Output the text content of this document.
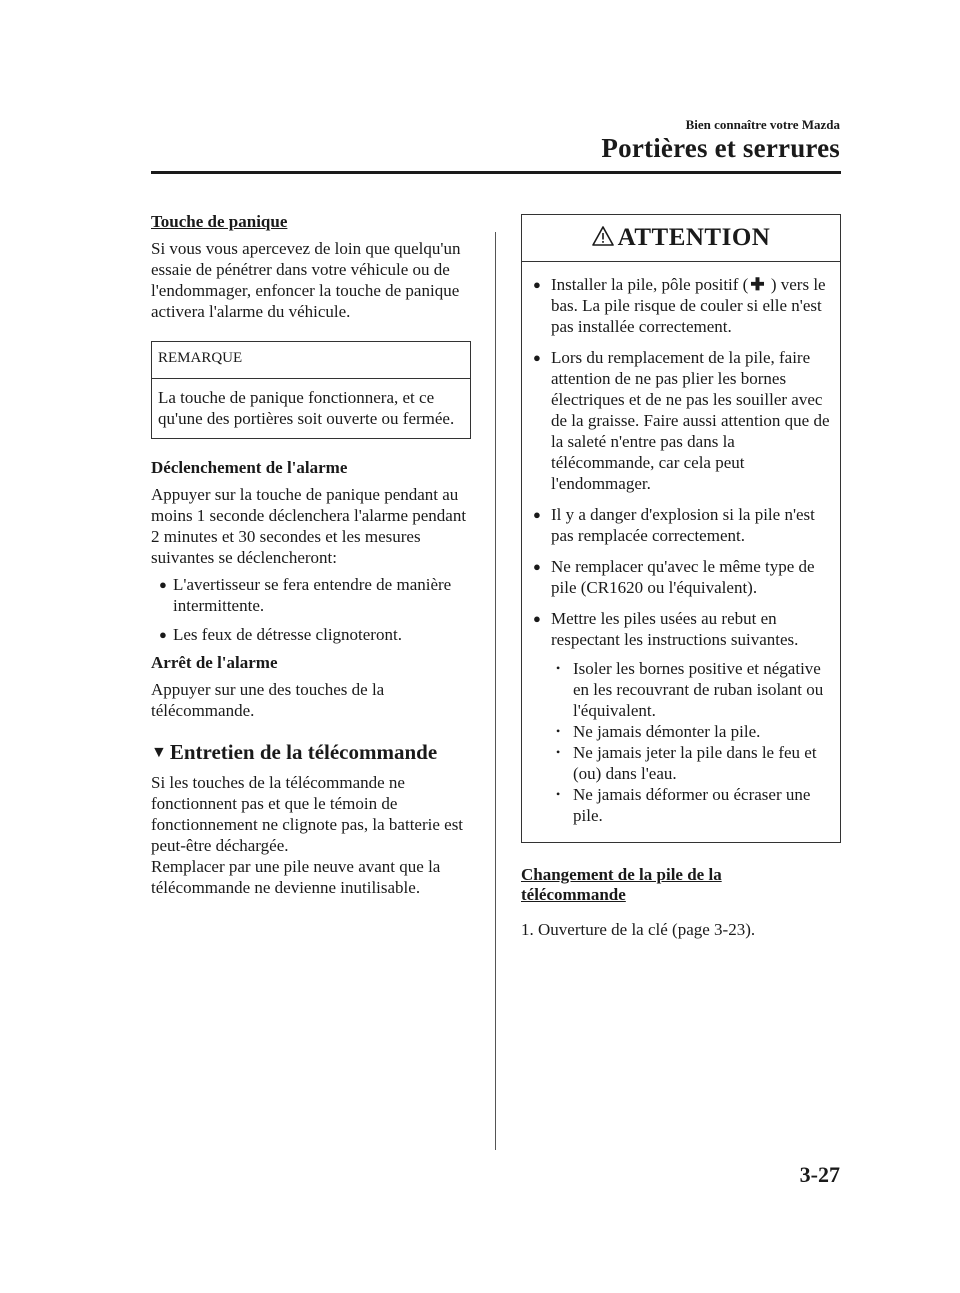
Bien connaître votre Mazda
Portières et serrures
Touche de panique

Si vous vous apercevez de loin que quelqu'un essaie de pénétrer dans votre véhicule ou de l'endommager, enfoncer la touche de panique activera l'alarme du véhicule.

REMARQUE

La touche de panique fonctionnera, et ce qu'une des portières soit ouverte ou fermée.

Déclenchement de l'alarme

Appuyer sur la touche de panique pendant au moins 1 seconde déclenchera l'alarme pendant 2 minutes et 30 secondes et les mesures suivantes se déclencheront:

● L'avertisseur se fera entendre de manière intermittente.
● Les feux de détresse clignoteront.
Arrêt de l'alarme

Appuyer sur une des touches de la télécommande.

▼ Entretien de la télécommande

Si les touches de la télécommande ne fonctionnent pas et que le témoin de fonctionnement ne clignote pas, la batterie est peut-être déchargée.

Remplacer par une pile neuve avant que la télécommande ne devienne inutilisable.

ATTENTION
● Installer la pile, pôle positif ( ✚ ) vers le bas. La pile risque de couler si elle n'est pas installée correctement.
● Lors du remplacement de la pile, faire attention de ne pas plier les bornes électriques et de ne pas les souiller avec de la graisse. Faire aussi attention que de la saleté n'entre pas dans la télécommande, car cela peut l'endommager.
● Il y a danger d'explosion si la pile n'est pas remplacée correctement.
● Ne remplacer qu'avec le même type de pile (CR1620 ou l'équivalent).
● Mettre les piles usées au rebut en respectant les instructions suivantes.
• Isoler les bornes positive et négative en les recouvrant de ruban isolant ou l'équivalent.
• Ne jamais démonter la pile.
• Ne jamais jeter la pile dans le feu et (ou) dans l'eau.
• Ne jamais déformer ou écraser une pile.
Changement de la pile de la télécommande

1. Ouverture de la clé (page 3-23).

3-27
